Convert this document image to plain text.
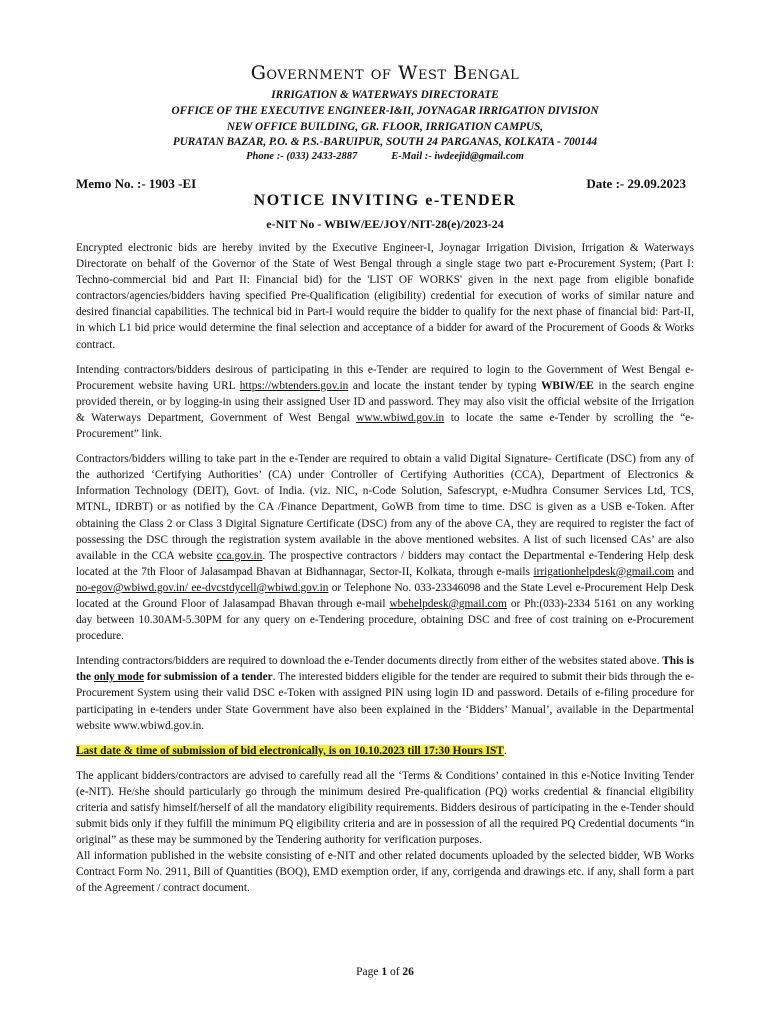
Government of West Bengal
IRRIGATION & WATERWAYS DIRECTORATE
OFFICE OF THE EXECUTIVE ENGINEER-I&II, JOYNAGAR IRRIGATION DIVISION
NEW OFFICE BUILDING, GR. FLOOR, IRRIGATION CAMPUS,
PURATAN BAZAR, P.O. & P.S.-BARUIPUR, SOUTH 24 PARGANAS, KOLKATA - 700144
Phone :- (033) 2433-2887	E-Mail :- iwdeejid@gmail.com
Memo No. :- 1903 -EI	Date :- 29.09.2023
NOTICE INVITING e-TENDER
e-NIT No - WBIW/EE/JOY/NIT-28(e)/2023-24

Encrypted electronic bids are hereby invited by the Executive Engineer-I, Joynagar Irrigation Division, Irrigation & Waterways Directorate on behalf of the Governor of the State of West Bengal through a single stage two part e-Procurement System; (Part I: Techno-commercial bid and Part II: Financial bid) for the 'LIST OF WORKS' given in the next page from eligible bonafide contractors/agencies/bidders having specified Pre-Qualification (eligibility) credential for execution of works of similar nature and desired financial capabilities. The technical bid in Part-I would require the bidder to qualify for the next phase of financial bid: Part-II, in which L1 bid price would determine the final selection and acceptance of a bidder for award of the Procurement of Goods & Works contract.

Intending contractors/bidders desirous of participating in this e-Tender are required to login to the Government of West Bengal e-Procurement website having URL https://wbtenders.gov.in and locate the instant tender by typing WBIW/EE in the search engine provided therein, or by logging-in using their assigned User ID and password. They may also visit the official website of the Irrigation & Waterways Department, Government of West Bengal www.wbiwd.gov.in to locate the same e-Tender by scrolling the “e-Procurement” link.

Contractors/bidders willing to take part in the e-Tender are required to obtain a valid Digital Signature- Certificate (DSC) from any of the authorized ‘Certifying Authorities’ (CA) under Controller of Certifying Authorities (CCA), Department of Electronics & Information Technology (DEIT), Govt. of India. (viz. NIC, n-Code Solution, Safescrypt, e-Mudhra Consumer Services Ltd, TCS, MTNL, IDRBT) or as notified by the CA /Finance Department, GoWB from time to time. DSC is given as a USB e-Token. After obtaining the Class 2 or Class 3 Digital Signature Certificate (DSC) from any of the above CA, they are required to register the fact of possessing the DSC through the registration system available in the above mentioned websites. A list of such licensed CAs’ are also available in the CCA website cca.gov.in. The prospective contractors / bidders may contact the Departmental e-Tendering Help desk located at the 7th Floor of Jalasampad Bhavan at Bidhannagar, Sector-II, Kolkata, through e-mails irrigationhelpdesk@gmail.com and no-egov@wbiwd.gov.in/ ee-dvcstdycell@wbiwd.gov.in or Telephone No. 033-23346098 and the State Level e-Procurement Help Desk located at the Ground Floor of Jalasampad Bhavan through e-mail wbehelpdesk@gmail.com or Ph:(033)-2334 5161 on any working day between 10.30AM-5.30PM for any query on e-Tendering procedure, obtaining DSC and free of cost training on e-Procurement procedure.

Intending contractors/bidders are required to download the e-Tender documents directly from either of the websites stated above. This is the only mode for submission of a tender. The interested bidders eligible for the tender are required to submit their bids through the e-Procurement System using their valid DSC e-Token with assigned PIN using login ID and password. Details of e-filing procedure for participating in e-tenders under State Government have also been explained in the ‘Bidders’ Manual’, available in the Departmental website www.wbiwd.gov.in.

Last date & time of submission of bid electronically, is on 10.10.2023 till 17:30 Hours IST.

The applicant bidders/contractors are advised to carefully read all the ‘Terms & Conditions’ contained in this e-Notice Inviting Tender (e-NIT). He/she should particularly go through the minimum desired Pre-qualification (PQ) works credential & financial eligibility criteria and satisfy himself/herself of all the mandatory eligibility requirements. Bidders desirous of participating in the e-Tender should submit bids only if they fulfill the minimum PQ eligibility criteria and are in possession of all the required PQ Credential documents “in original” as these may be summoned by the Tendering authority for verification purposes.

All information published in the website consisting of e-NIT and other related documents uploaded by the selected bidder, WB Works Contract Form No. 2911, Bill of Quantities (BOQ), EMD exemption order, if any, corrigenda and drawings etc. if any, shall form a part of the Agreement / contract document.

Page 1 of 26
